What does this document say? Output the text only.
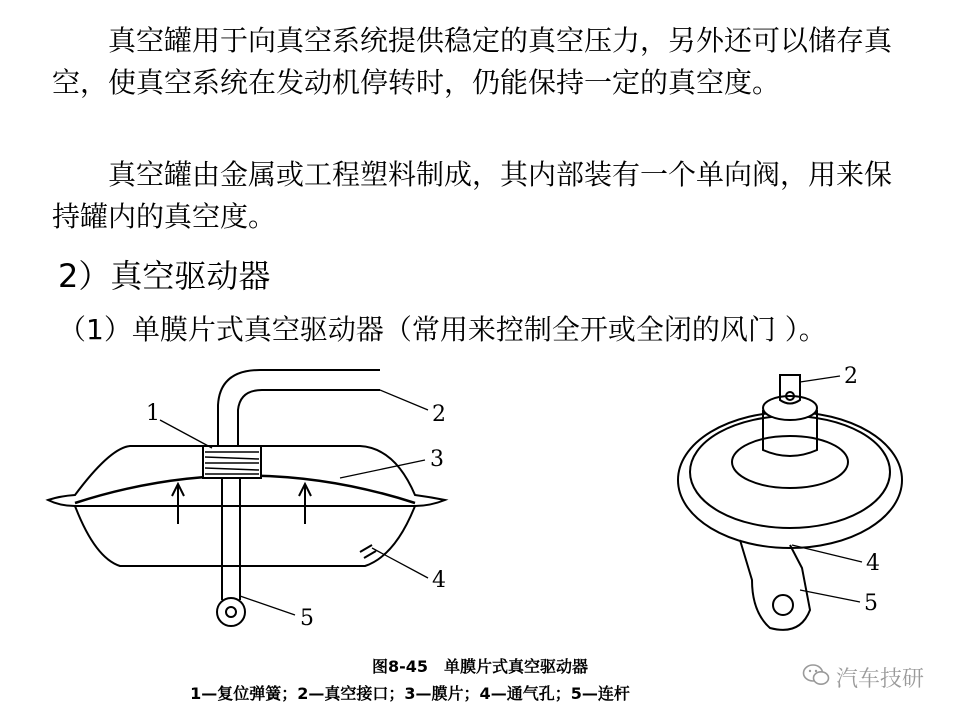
真空罐用于向真空系统提供稳定的真空压力，另外还可以储存真空，使真空系统在发动机停转时，仍能保持一定的真空度。

真空罐由金属或工程塑料制成，其内部装有一个单向阀，用来保持罐内的真空度。

2）真空驱动器
（1）单膜片式真空驱动器（常用来控制全开或全闭的风门 ）。
1	2
3
4
5
2
4
5

图8-45　单膜片式真空驱动器

1—复位弹簧；2—真空接口；3—膜片；4—通气孔；5—连杆

汽车技研
